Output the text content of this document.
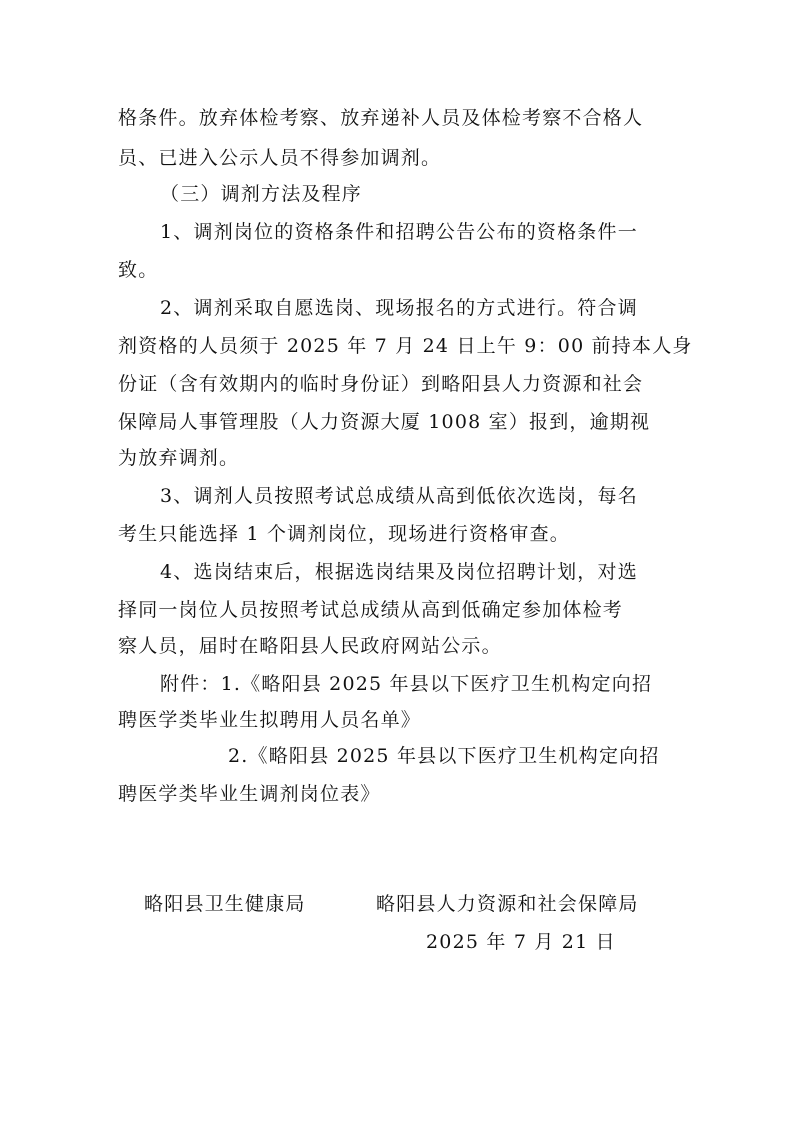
格条件。放弃体检考察、放弃递补人员及体检考察不合格人
员、已进入公示人员不得参加调剂。
（三）调剂方法及程序
1、调剂岗位的资格条件和招聘公告公布的资格条件一
致。
2、调剂采取自愿选岗、现场报名的方式进行。符合调
剂资格的人员须于 2025 年 7 月 24 日上午 9：00 前持本人身
份证（含有效期内的临时身份证）到略阳县人力资源和社会
保障局人事管理股（人力资源大厦 1008 室）报到，逾期视
为放弃调剂。
3、调剂人员按照考试总成绩从高到低依次选岗，每名
考生只能选择 1 个调剂岗位，现场进行资格审查。
4、选岗结束后，根据选岗结果及岗位招聘计划，对选
择同一岗位人员按照考试总成绩从高到低确定参加体检考
察人员，届时在略阳县人民政府网站公示。
附件：1.《略阳县 2025 年县以下医疗卫生机构定向招
聘医学类毕业生拟聘用人员名单》
2.《略阳县 2025 年县以下医疗卫生机构定向招
聘医学类毕业生调剂岗位表》
略阳县卫生健康局	略阳县人力资源和社会保障局
2025 年 7 月 21 日
